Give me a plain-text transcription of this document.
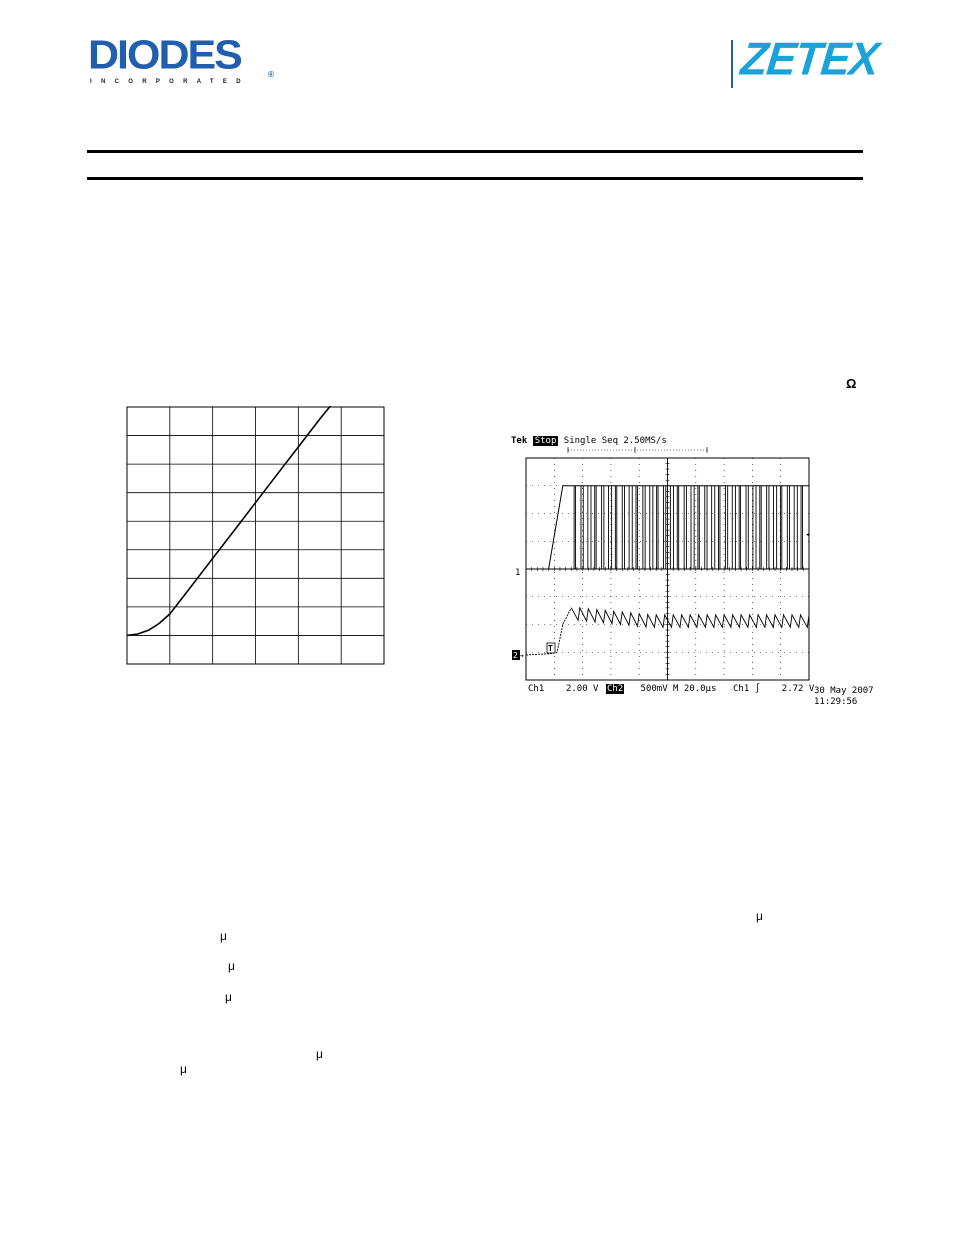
DIODES	®
INCORPORATED	ZETEX
Ω
μ
μ
μ
μ
μ
μ
Tek Stop Single Seq 2.50MS/s
1
2 →
T
◂
Ch1 2.00 V Ch2 500mV M 20.0μs Ch1 ∫ 2.72 V 30 May 2007
11:29:56
